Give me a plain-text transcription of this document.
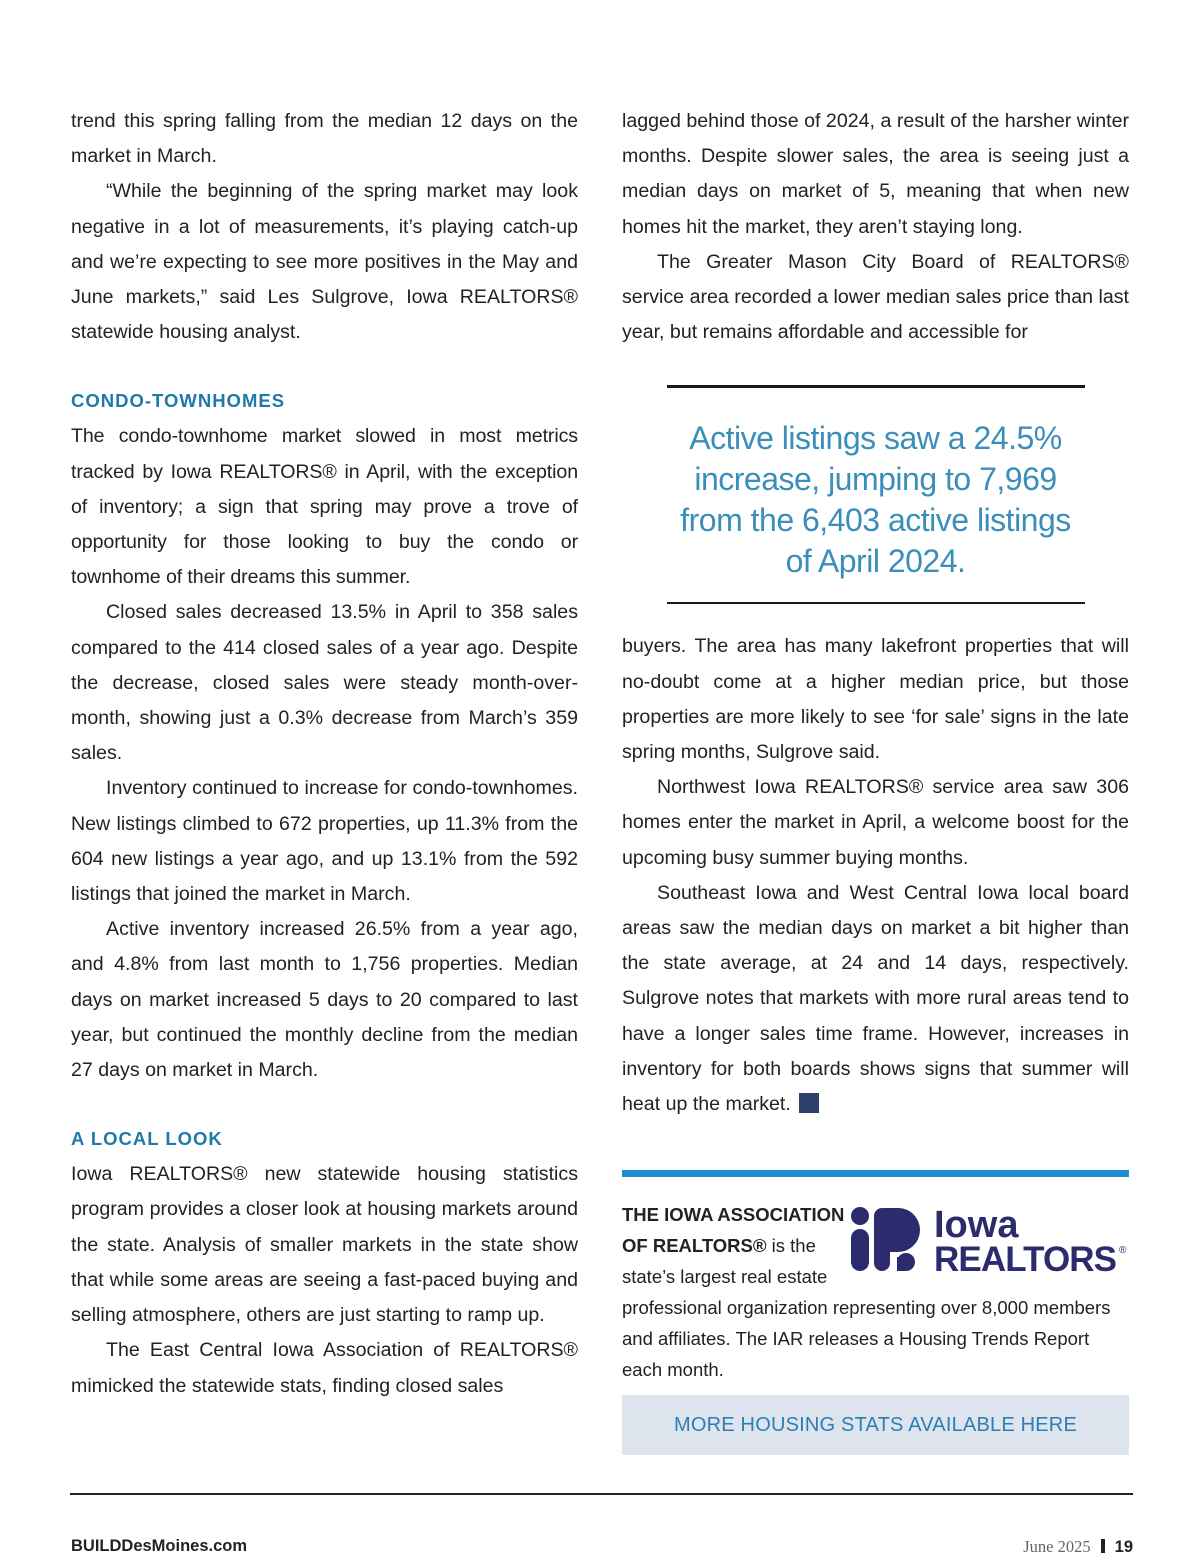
trend this spring falling from the median 12 days on the market in March.

“While the beginning of the spring market may look negative in a lot of measurements, it’s playing catch-up and we’re expecting to see more positives in the May and June markets,” said Les Sulgrove, Iowa REALTORS® statewide housing analyst.

CONDO-TOWNHOMES

The condo-townhome market slowed in most metrics tracked by Iowa REALTORS® in April, with the exception of inventory; a sign that spring may prove a trove of opportunity for those looking to buy the condo or townhome of their dreams this summer.

Closed sales decreased 13.5% in April to 358 sales compared to the 414 closed sales of a year ago. Despite the decrease, closed sales were steady month-over-month, showing just a 0.3% decrease from March’s 359 sales.

Inventory continued to increase for condo-townhomes. New listings climbed to 672 properties, up 11.3% from the 604 new listings a year ago, and up 13.1% from the 592 listings that joined the market in March.

Active inventory increased 26.5% from a year ago, and 4.8% from last month to 1,756 properties. Median days on market increased 5 days to 20 compared to last year, but continued the monthly decline from the median 27 days on market in March.

A LOCAL LOOK

Iowa REALTORS® new statewide housing statistics program provides a closer look at housing markets around the state. Analysis of smaller markets in the state show that while some areas are seeing a fast-paced buying and selling atmosphere, others are just starting to ramp up.

The East Central Iowa Association of REALTORS® mimicked the statewide stats, finding closed sales

lagged behind those of 2024, a result of the harsher winter months. Despite slower sales, the area is seeing just a median days on market of 5, meaning that when new homes hit the market, they aren’t staying long.

The Greater Mason City Board of REALTORS® service area recorded a lower median sales price than last year, but remains affordable and accessible for

Active listings saw a 24.5% increase, jumping to 7,969 from the 6,403 active listings of April 2024.

buyers. The area has many lakefront properties that will no-doubt come at a higher median price, but those properties are more likely to see ‘for sale’ signs in the late spring months, Sulgrove said.

Northwest Iowa REALTORS® service area saw 306 homes enter the market in April, a welcome boost for the upcoming busy summer buying months.

Southeast Iowa and West Central Iowa local board areas saw the median days on market a bit higher than the state average, at 24 and 14 days, respectively. Sulgrove notes that markets with more rural areas tend to have a longer sales time frame. However, increases in inventory for both boards shows signs that summer will heat up the market.	B

THE IOWA ASSOCIATION
OF REALTORS® is the
state’s largest real estate
professional organization representing over 8,000 members and affiliates. The IAR releases a Housing Trends Report each month.
Iowa
REALTORS ®
MORE HOUSING STATS AVAILABLE HERE
BUILDDesMoines.com	June 2025 19
